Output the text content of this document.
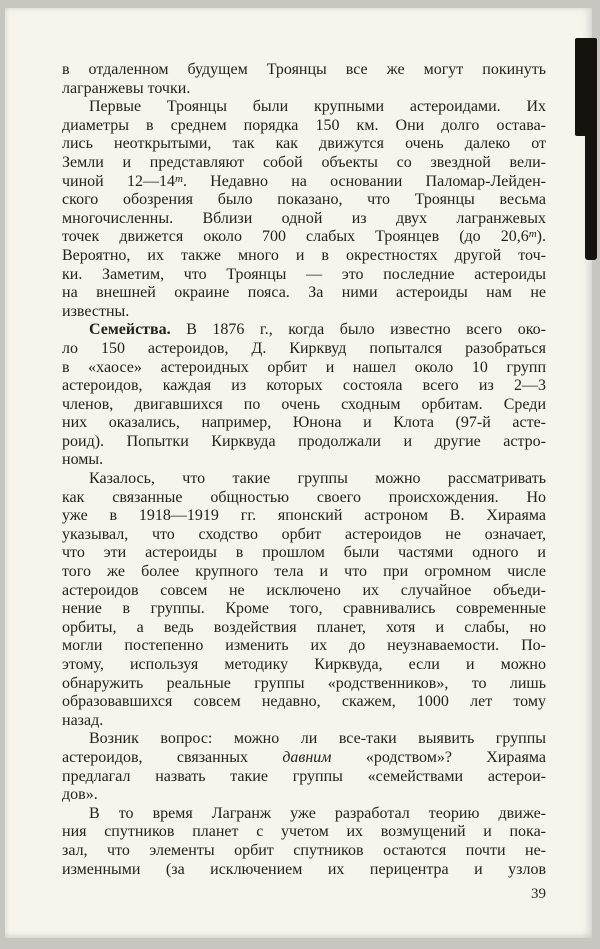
в отдаленном будущем Троянцы все же могут покинуть
лагранжевы точки.
Первые Троянцы были крупными астероидами. Их
диаметры в среднем порядка 150 км. Они долго остава-
лись неоткрытыми, так как движутся очень далеко от
Земли и представляют собой объекты со звездной вели-
чиной 12—14$^m$. Недавно на основании Паломар-Лейден-
ского обозрения было показано, что Троянцы весьма
многочисленны. Вблизи одной из двух лагранжевых
точек движется около 700 слабых Троянцев (до 20,6$^m$).
Вероятно, их также много и в окрестностях другой точ-
ки. Заметим, что Троянцы — это последние астероиды
на внешней окраине пояса. За ними астероиды нам не
известны.
Семейства. В 1876 г., когда было известно всего око-
ло 150 астероидов, Д. Кирквуд попытался разобраться
в «хаосе» астероидных орбит и нашел около 10 групп
астероидов, каждая из которых состояла всего из 2—3
членов, двигавшихся по очень сходным орбитам. Среди
них оказались, например, Юнона и Клота (97-й асте-
роид). Попытки Кирквуда продолжали и другие астро-
номы.
Казалось, что такие группы можно рассматривать
как связанные общностью своего происхождения. Но
уже в 1918—1919 гг. японский астроном В. Хираяма
указывал, что сходство орбит астероидов не означает,
что эти астероиды в прошлом были частями одного и
того же более крупного тела и что при огромном числе
астероидов совсем не исключено их случайное объеди-
нение в группы. Кроме того, сравнивались современные
орбиты, а ведь воздействия планет, хотя и слабы, но
могли постепенно изменить их до неузнаваемости. По-
этому, используя методику Кирквуда, если и можно
обнаружить реальные группы «родственников», то лишь
образовавшихся совсем недавно, скажем, 1000 лет тому
назад.
Возник вопрос: можно ли все-таки выявить группы
астероидов, связанных давним «родством»? Хираяма
предлагал назвать такие группы «семействами астерои-
дов».
В то время Лагранж уже разработал теорию движе-
ния спутников планет с учетом их возмущений и пока-
зал, что элементы орбит спутников остаются почти не-
изменными (за исключением их перицентра и узлов
39
